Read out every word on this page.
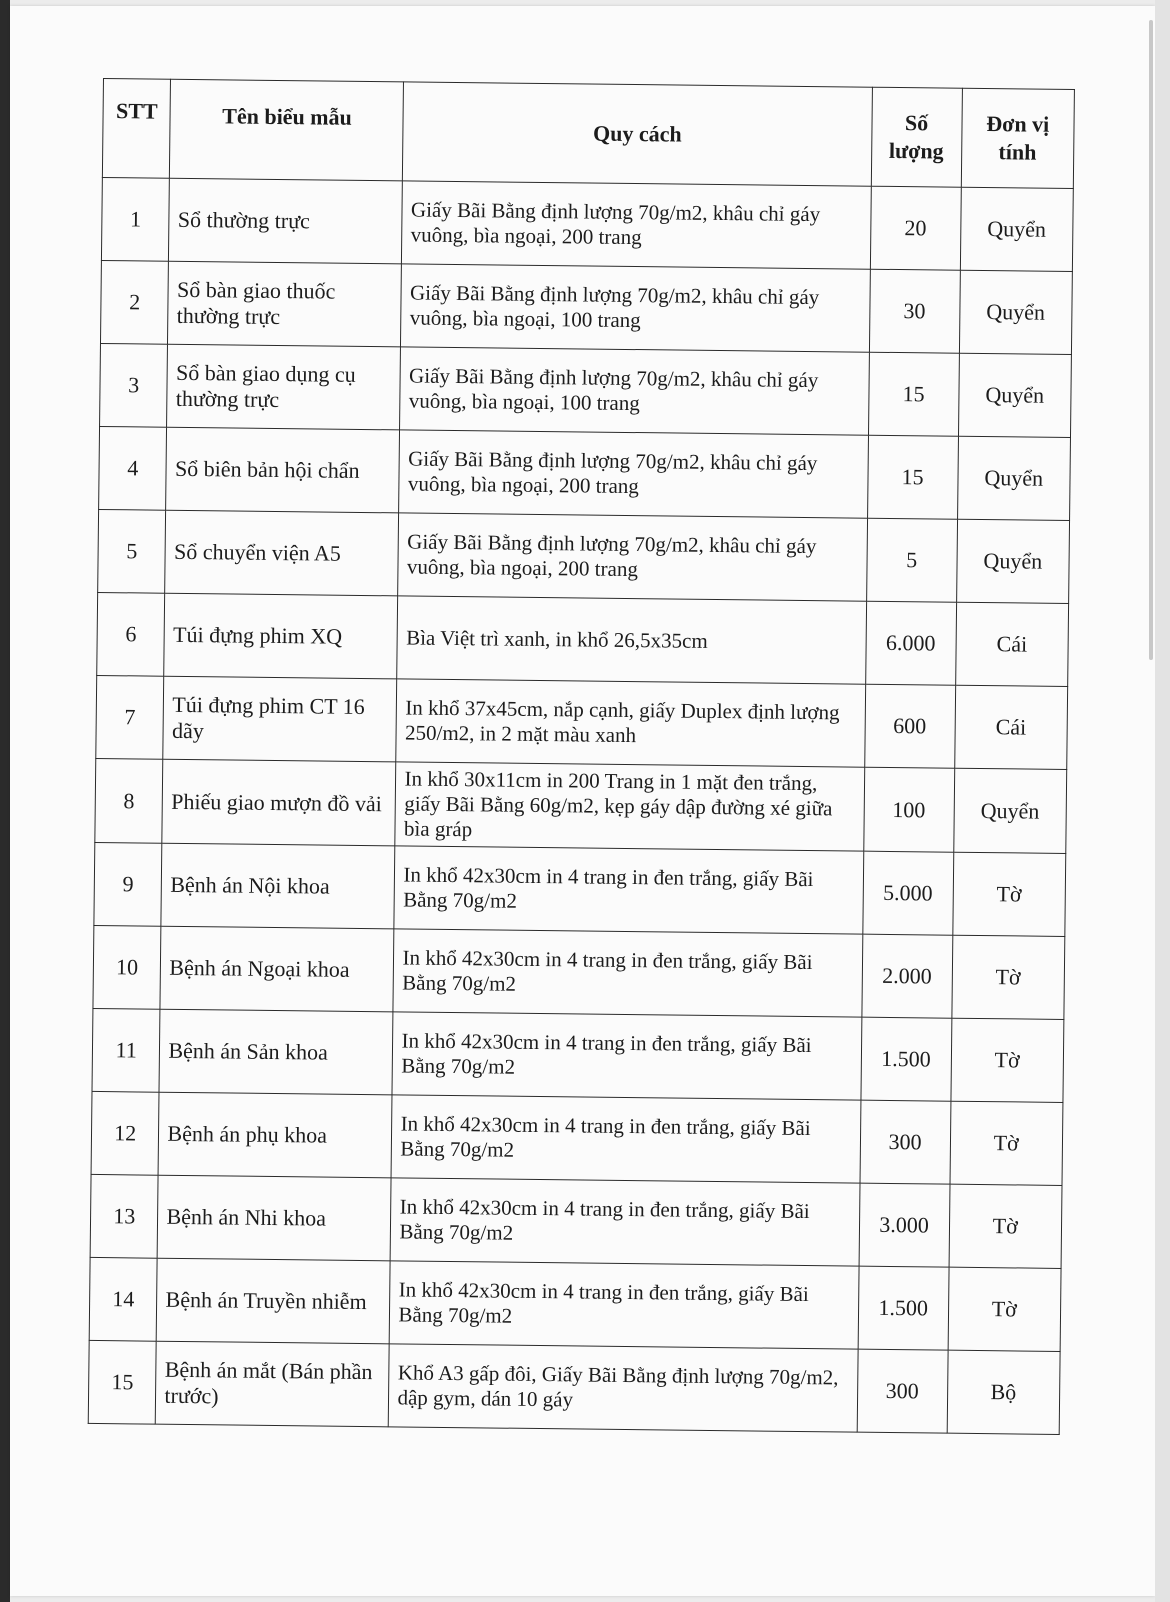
STT	Tên biểu mẫu	Quy cách	Số lượng	Đơn vị tính
1	Sổ thường trực	Giấy Bãi Bằng định lượng 70g/m2, khâu chỉ gáy vuông, bìa ngoại, 200 trang	20	Quyển
2	Sổ bàn giao thuốc thường trực	Giấy Bãi Bằng định lượng 70g/m2, khâu chỉ gáy vuông, bìa ngoại, 100 trang	30	Quyển
3	Sổ bàn giao dụng cụ thường trực	Giấy Bãi Bằng định lượng 70g/m2, khâu chỉ gáy vuông, bìa ngoại, 100 trang	15	Quyển
4	Sổ biên bản hội chẩn	Giấy Bãi Bằng định lượng 70g/m2, khâu chỉ gáy vuông, bìa ngoại, 200 trang	15	Quyển
5	Sổ chuyển viện A5	Giấy Bãi Bằng định lượng 70g/m2, khâu chỉ gáy vuông, bìa ngoại, 200 trang	5	Quyển
6	Túi đựng phim XQ	Bìa Việt trì xanh, in khổ 26,5x35cm	6.000	Cái
7	Túi đựng phim CT 16 dãy	In khổ 37x45cm, nắp cạnh, giấy Duplex định lượng 250/m2, in 2 mặt màu xanh	600	Cái
8	Phiếu giao mượn đồ vải	In khổ 30x11cm in 200 Trang in 1 mặt đen trắng, giấy Bãi Bằng 60g/m2, kẹp gáy dập đường xé giữa bìa gráp	100	Quyển
9	Bệnh án Nội khoa	In khổ 42x30cm in 4 trang in đen trắng, giấy Bãi Bằng 70g/m2	5.000	Tờ
10	Bệnh án Ngoại khoa	In khổ 42x30cm in 4 trang in đen trắng, giấy Bãi Bằng 70g/m2	2.000	Tờ
11	Bệnh án Sản khoa	In khổ 42x30cm in 4 trang in đen trắng, giấy Bãi Bằng 70g/m2	1.500	Tờ
12	Bệnh án phụ khoa	In khổ 42x30cm in 4 trang in đen trắng, giấy Bãi Bằng 70g/m2	300	Tờ
13	Bệnh án Nhi khoa	In khổ 42x30cm in 4 trang in đen trắng, giấy Bãi Bằng 70g/m2	3.000	Tờ
14	Bệnh án Truyền nhiễm	In khổ 42x30cm in 4 trang in đen trắng, giấy Bãi Bằng 70g/m2	1.500	Tờ
15	Bệnh án mắt (Bán phần trước)	Khổ A3 gấp đôi, Giấy Bãi Bằng định lượng 70g/m2, dập gym, dán 10 gáy	300	Bộ
